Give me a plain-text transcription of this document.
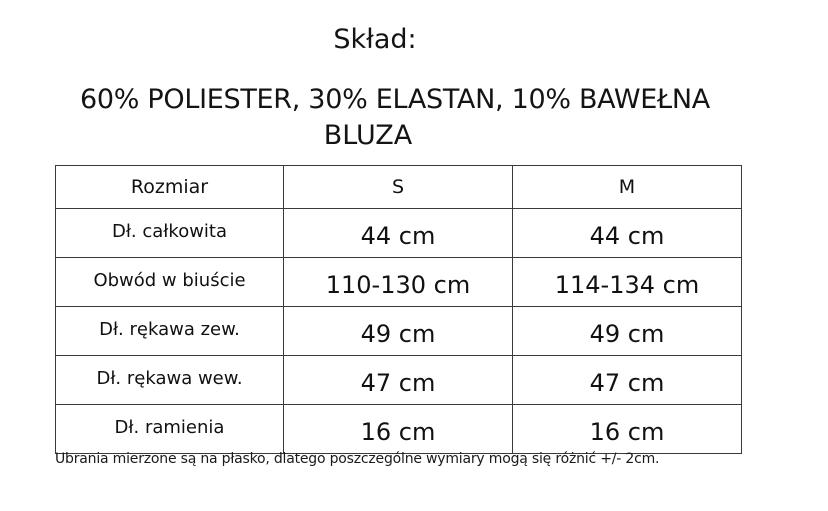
Skład:
60% POLIESTER, 30% ELASTAN, 10% BAWEŁNA
BLUZA
Rozmiar	S	M
Dł. całkowita	44 cm	44 cm
Obwód w biuście	110-130 cm	114-134 cm
Dł. rękawa zew.	49 cm	49 cm
Dł. rękawa wew.	47 cm	47 cm
Dł. ramienia	16 cm	16 cm

Ubrania mierzone są na płasko, dlatego poszczególne wymiary mogą się różnić +/- 2cm.
